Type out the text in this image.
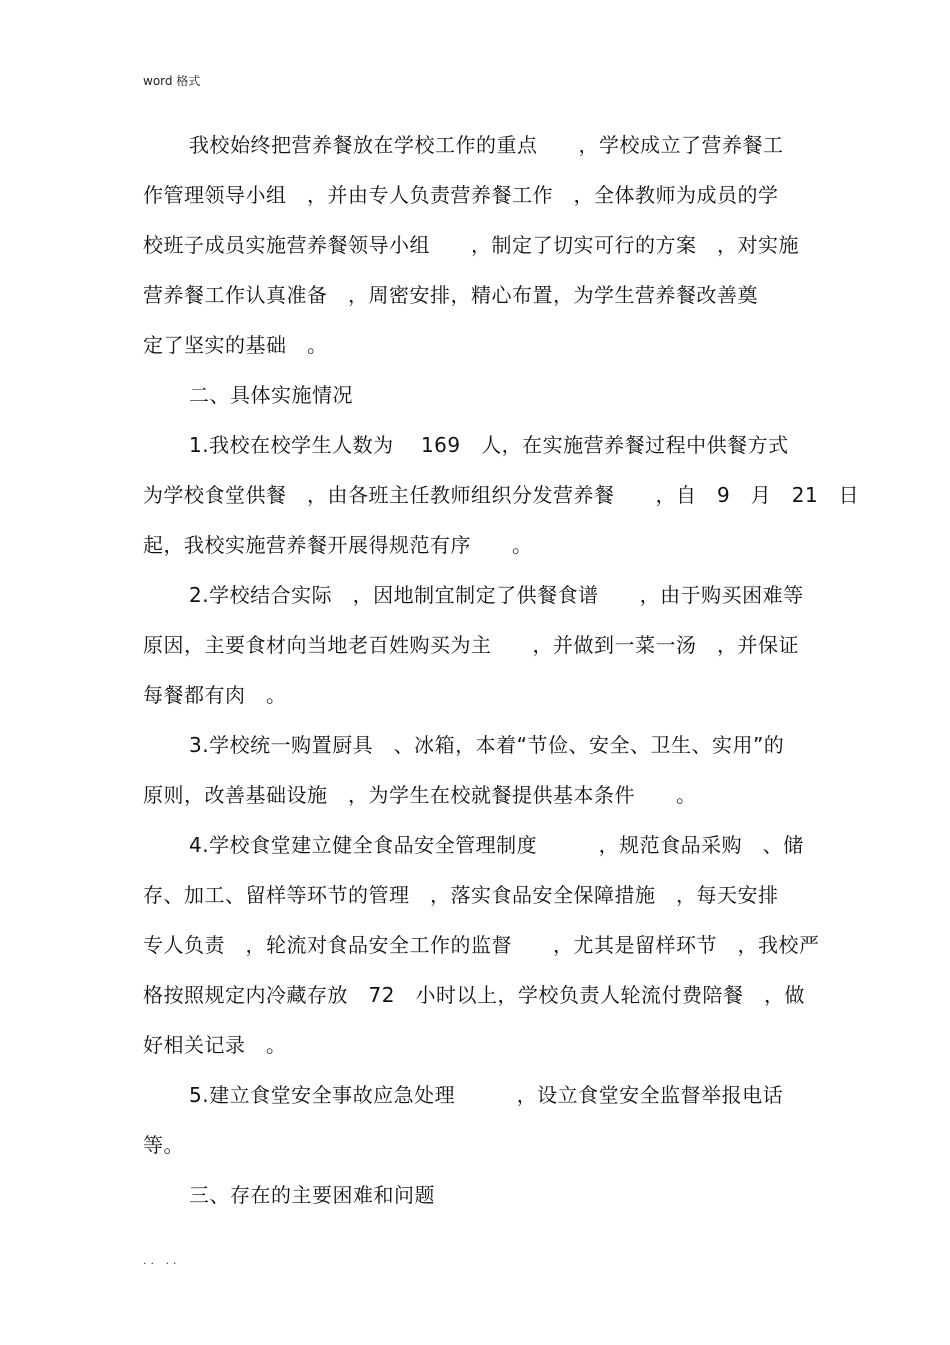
word 格式
我校始终把营养餐放在学校工作的重点　　，学校成立了营养餐工
作管理领导小组　，并由专人负责营养餐工作　，全体教师为成员的学
校班子成员实施营养餐领导小组　　，制定了切实可行的方案　，对实施
营养餐工作认真准备　，周密安排，精心布置，为学生营养餐改善奠
定了坚实的基础　。
二、具体实施情况
1.我校在校学生人数为　 169　人，在实施营养餐过程中供餐方式
为学校食堂供餐　，由各班主任教师组织分发营养餐　　，自　9　月　21　日
起，我校实施营养餐开展得规范有序　　。
2.学校结合实际　，因地制宜制定了供餐食谱　　，由于购买困难等
原因，主要食材向当地老百姓购买为主　　，并做到一菜一汤　，并保证
每餐都有肉　。
3.学校统一购置厨具　、冰箱，本着“节俭、安全、卫生、实用”的
原则，改善基础设施　，为学生在校就餐提供基本条件　　。
4.学校食堂建立健全食品安全管理制度　　　，规范食品采购　、储
存、加工、留样等环节的管理　，落实食品安全保障措施　，每天安排
专人负责　，轮流对食品安全工作的监督　　，尤其是留样环节　，我校严
格按照规定内冷藏存放　72　小时以上，学校负责人轮流付费陪餐　，做
好相关记录　。
5.建立食堂安全事故应急处理　　　，设立食堂安全监督举报电话
等。
三、存在的主要困难和问题
.. ..
